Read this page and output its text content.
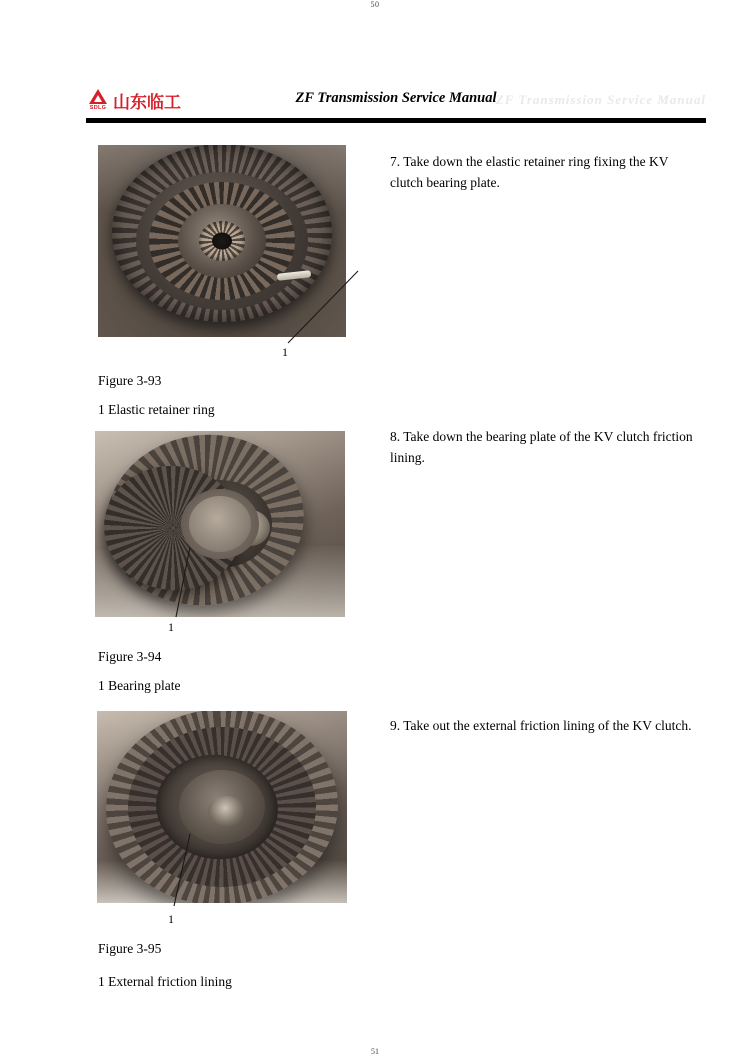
50
SDLG 山东临工	ZF Transmission Service Manual
ZF Transmission Service Manual
1
Figure 3-93
1 Elastic retainer ring
7. Take down the elastic retainer ring fixing the KV clutch bearing plate.
1
Figure 3-94
1 Bearing plate
8. Take down the bearing plate of the KV clutch friction lining.
1
Figure 3-95
1 External friction lining
9. Take out the external friction lining of the KV clutch.
51
